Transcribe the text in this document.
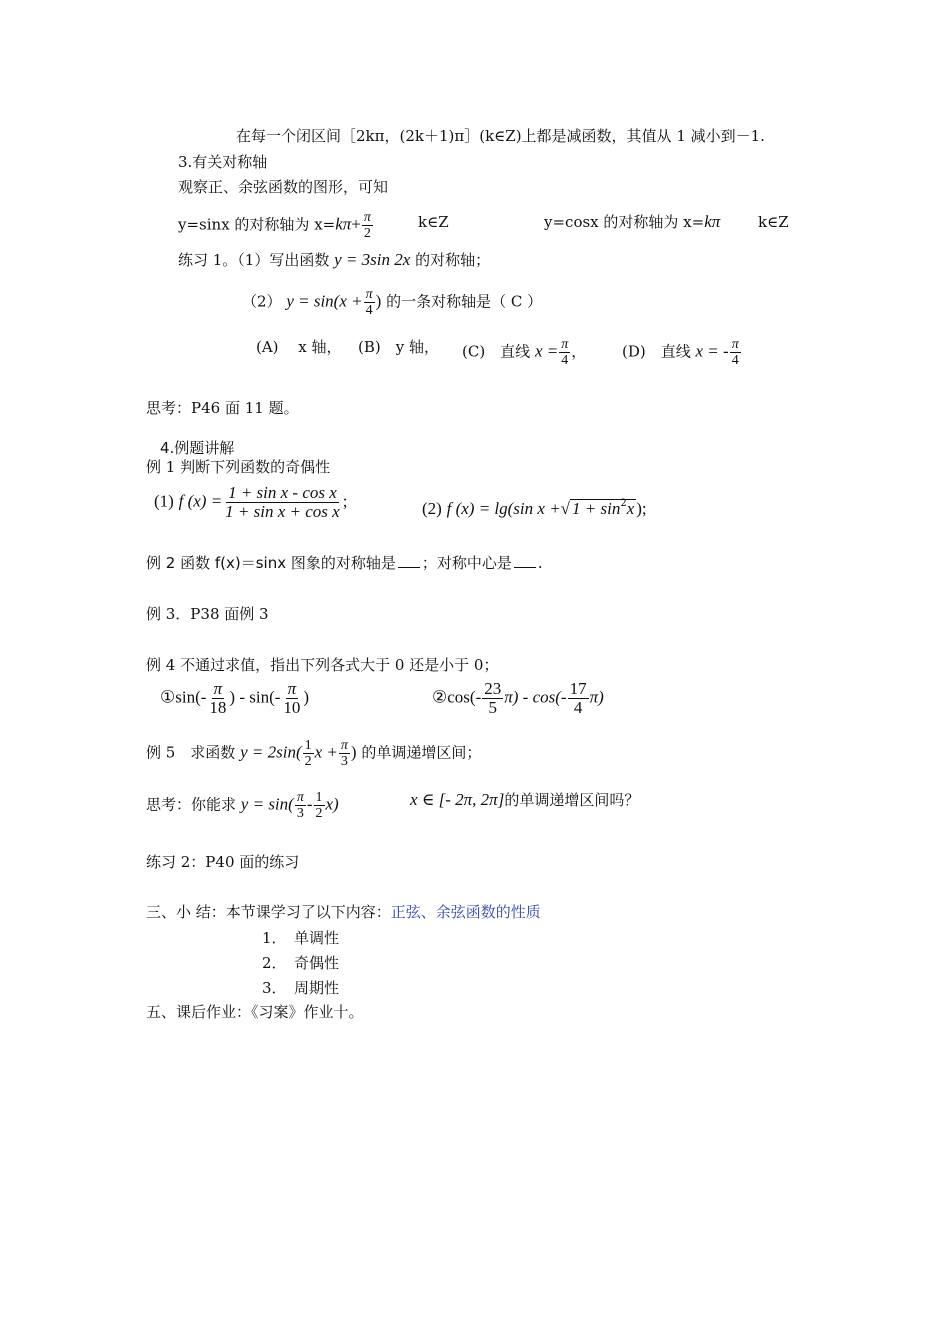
在每一个闭区间［2kπ，(2k＋1)π］(k∈Z)上都是减函数，其值从 1 减小到－1.
3.有关对称轴
观察正、余弦函数的图形，可知
y=sinx 的对称轴为 $x=k\pi+ \frac{\pi}{2}$	k∈Z	y=cosx 的对称轴为 x=kπ	k∈Z
练习 1。（1）写出函数 y = 3sin 2x 的对称轴；
（2） $y = \sin(x + \frac{\pi}{4}$ ) 的一条对称轴是（ C ）
(A)　 x 轴， (B)　y 轴， (C)　直线 $x = \frac{\pi}{4}$ ， (D)　直线 x = - $\frac{\pi}{4}$
思考：P46 面 11 题。
4.例题讲解
例 1 判断下列函数的奇偶性
(1) f $(x) = \frac{\text{1 + sin x - cos x}}{\text{1 + sin x + cos x}}$ ;	(2) f (x) = lg(sin x +√ $1 + \sin^2x$ );
例 2 函数 f(x)＝sinx 图象的对称轴是 ；对称中心是 .
例 3．P38 面例 3
例 4 不通过求值，指出下列各式大于 0 还是小于 0；
①sin(- $\frac{\pi}{18}$ ) - $\sin(- \frac{\pi}{10}$ )	②cos(- $\frac{23}{5} \pi) - \cos(- \frac{17}{4} \pi)$
例 5　求函数 $y = 2\sin( \frac{1}{2}$ $x + \frac{\pi}{3}$ ) 的单调递增区间；
思考：你能求 $y = \sin( \frac{\pi}{3} - \frac{1}{2} x)$	x ∈ [- 2π, 2π]的单调递增区间吗？
练习 2：P40 面的练习
三、小 结：本节课学习了以下内容：正弦、余弦函数的性质
1．　单调性
2．　奇偶性
3．　周期性
五、课后作业：《习案》作业十。
